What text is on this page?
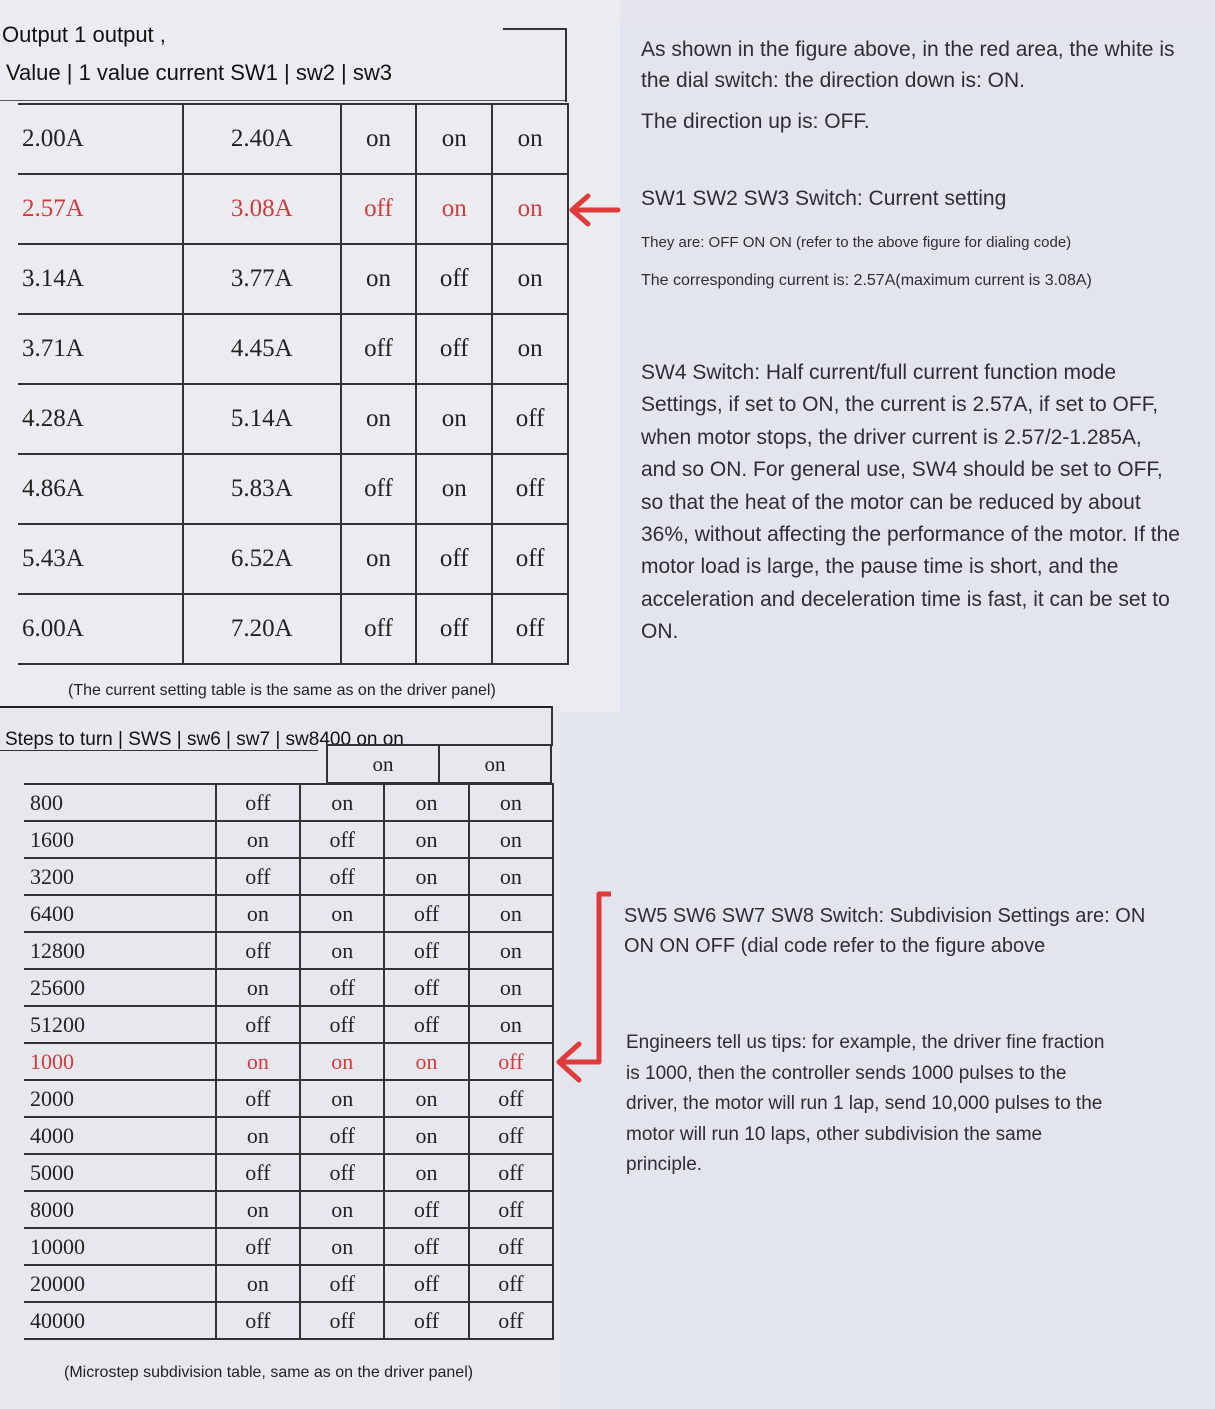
Output 1 output ,
Value | 1 value current SW1 | sw2 | sw3
2.00A	2.40A	on	on	on
2.57A	3.08A	off	on	on
3.14A	3.77A	on	off	on
3.71A	4.45A	off	off	on
4.28A	5.14A	on	on	off
4.86A	5.83A	off	on	off
5.43A	6.52A	on	off	off
6.00A	7.20A	off	off	off
(The current setting table is the same as on the driver panel)
Steps to turn | SWS | sw6 | sw7 | sw8400 on on
on	on
800	off	on	on	on
1600	on	off	on	on
3200	off	off	on	on
6400	on	on	off	on
12800	off	on	off	on
25600	on	off	off	on
51200	off	off	off	on
1000	on	on	on	off
2000	off	on	on	off
4000	on	off	on	off
5000	off	off	on	off
8000	on	on	off	off
10000	off	on	off	off
20000	on	off	off	off
40000	off	off	off	off
(Microstep subdivision table, same as on the driver panel)
As shown in the figure above, in the red area, the white is the dial switch: the direction down is: ON.
The direction up is: OFF.
SW1 SW2 SW3 Switch: Current setting
They are: OFF ON ON (refer to the above figure for dialing code)
The corresponding current is: 2.57A(maximum current is 3.08A)
SW4 Switch: Half current/full current function mode Settings, if set to ON, the current is 2.57A, if set to OFF, when motor stops, the driver current is 2.57/2-1.285A, and so ON. For general use, SW4 should be set to OFF, so that the heat of the motor can be reduced by about 36%, without affecting the performance of the motor. If the motor load is large, the pause time is short, and the acceleration and deceleration time is fast, it can be set to ON.
SW5 SW6 SW7 SW8 Switch: Subdivision Settings are: ON ON ON OFF (dial code refer to the figure above
Engineers tell us tips: for example, the driver fine fraction is 1000, then the controller sends 1000 pulses to the driver, the motor will run 1 lap, send 10,000 pulses to the motor will run 10 laps, other subdivision the same principle.
